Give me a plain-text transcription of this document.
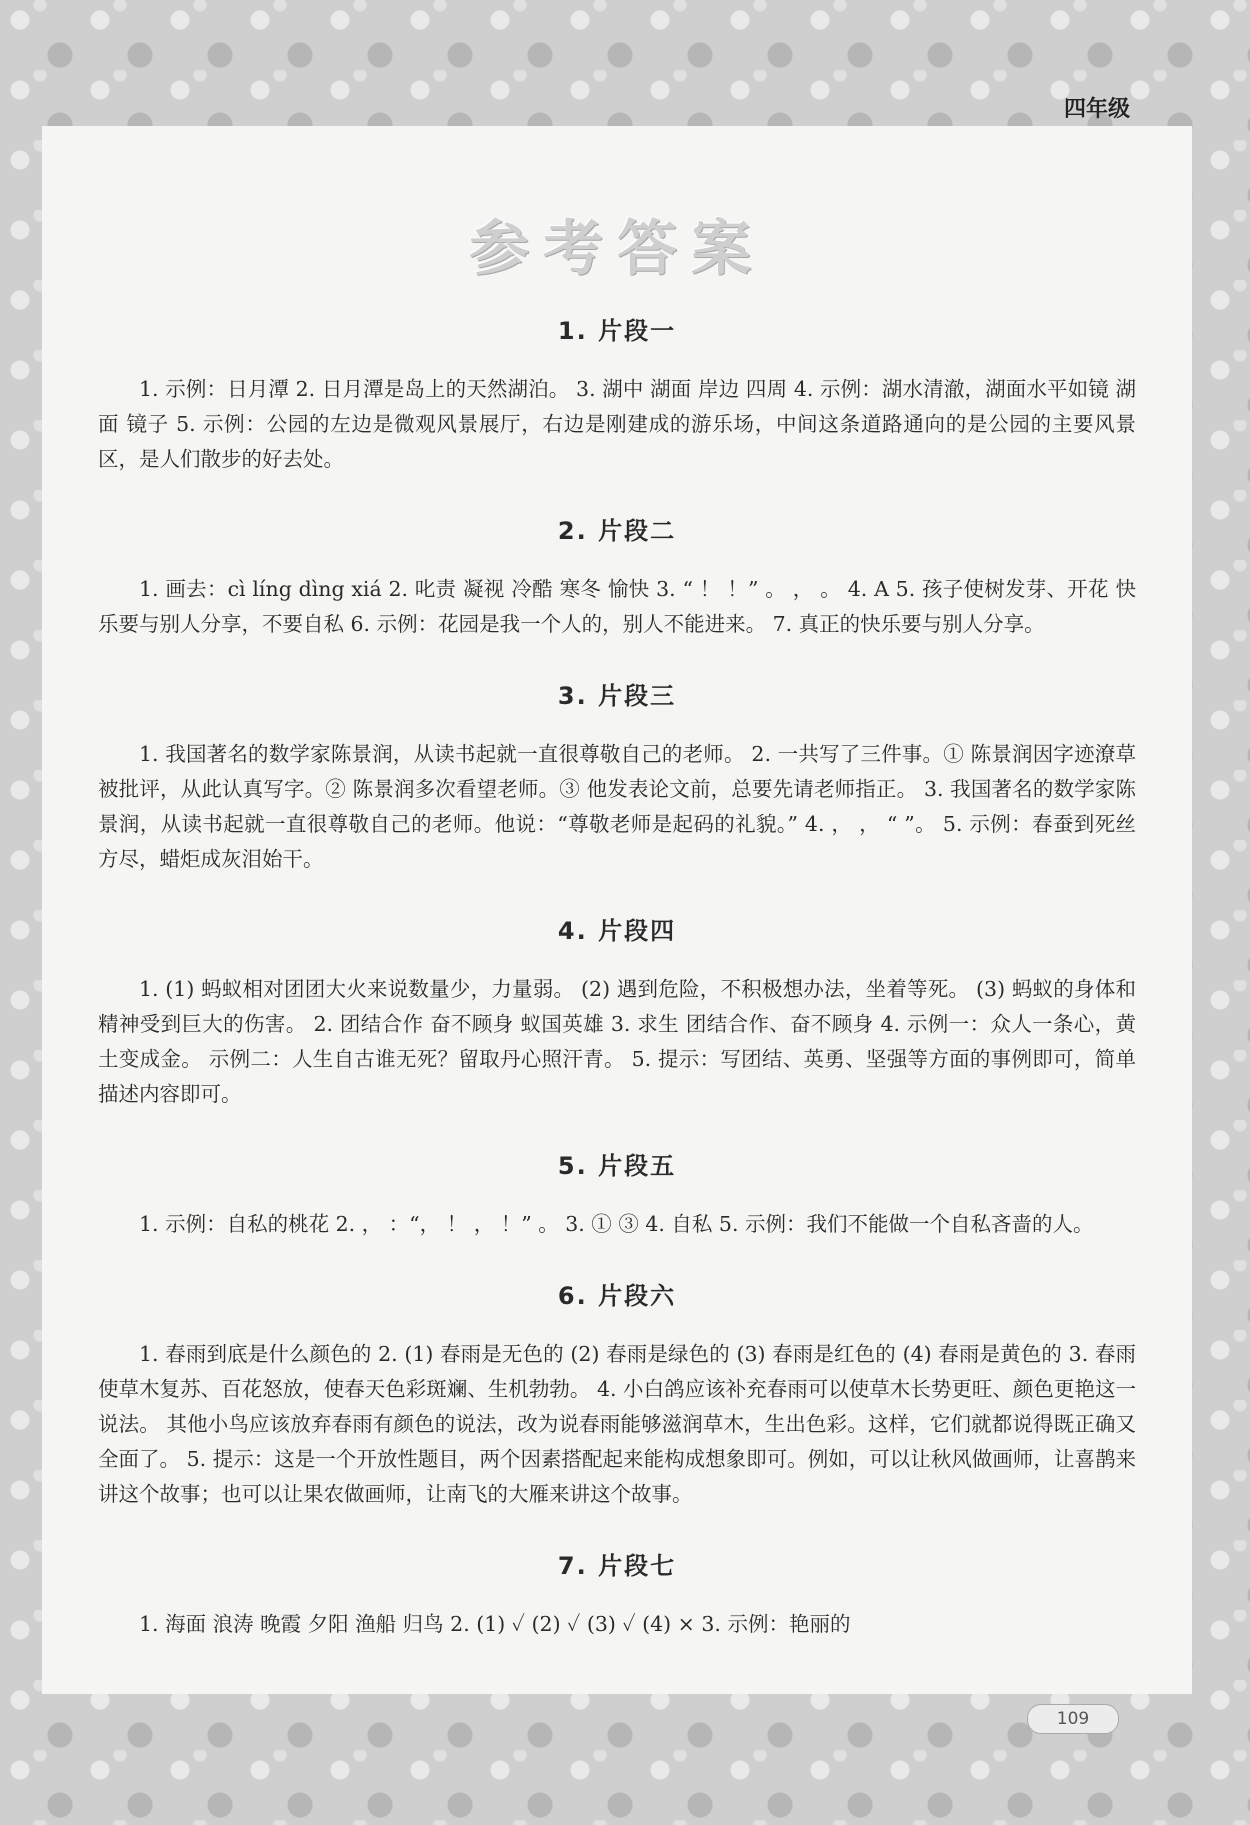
四年级
参考答案
1. 片段一

1. 示例：日月潭 2. 日月潭是岛上的天然湖泊。 3. 湖中 湖面 岸边 四周 4. 示例：湖水清澈，湖面水平如镜 湖面 镜子 5. 示例：公园的左边是微观风景展厅，右边是刚建成的游乐场，中间这条道路通向的是公园的主要风景区，是人们散步的好去处。

2. 片段二

1. 画去：cì líng dìng xiá 2. 叱责 凝视 冷酷 寒冬 愉快 3. “ ！ ！” 。 ， 。 4. A 5. 孩子使树发芽、开花 快乐要与别人分享，不要自私 6. 示例：花园是我一个人的，别人不能进来。 7. 真正的快乐要与别人分享。

3. 片段三

1. 我国著名的数学家陈景润，从读书起就一直很尊敬自己的老师。 2. 一共写了三件事。① 陈景润因字迹潦草被批评，从此认真写字。② 陈景润多次看望老师。③ 他发表论文前，总要先请老师指正。 3. 我国著名的数学家陈景润，从读书起就一直很尊敬自己的老师。他说：“尊敬老师是起码的礼貌。” 4. ， ， “ ”。 5. 示例：春蚕到死丝方尽，蜡炬成灰泪始干。

4. 片段四

1. (1) 蚂蚁相对团团大火来说数量少，力量弱。 (2) 遇到危险，不积极想办法，坐着等死。 (3) 蚂蚁的身体和精神受到巨大的伤害。 2. 团结合作 奋不顾身 蚁国英雄 3. 求生 团结合作、奋不顾身 4. 示例一：众人一条心，黄土变成金。 示例二：人生自古谁无死？留取丹心照汗青。 5. 提示：写团结、英勇、坚强等方面的事例即可，简单描述内容即可。

5. 片段五

1. 示例：自私的桃花 2. ， ：“， ！ ， ！” 。 3. ① ③ 4. 自私 5. 示例：我们不能做一个自私吝啬的人。

6. 片段六

1. 春雨到底是什么颜色的 2. (1) 春雨是无色的 (2) 春雨是绿色的 (3) 春雨是红色的 (4) 春雨是黄色的 3. 春雨使草木复苏、百花怒放，使春天色彩斑斓、生机勃勃。 4. 小白鸽应该补充春雨可以使草木长势更旺、颜色更艳这一说法。 其他小鸟应该放弃春雨有颜色的说法，改为说春雨能够滋润草木，生出色彩。这样，它们就都说得既正确又全面了。 5. 提示：这是一个开放性题目，两个因素搭配起来能构成想象即可。例如，可以让秋风做画师，让喜鹊来讲这个故事；也可以让果农做画师，让南飞的大雁来讲这个故事。

7. 片段七

1. 海面 浪涛 晚霞 夕阳 渔船 归鸟 2. (1) ✓ (2) ✓ (3) ✓ (4) × 3. 示例：艳丽的

109
